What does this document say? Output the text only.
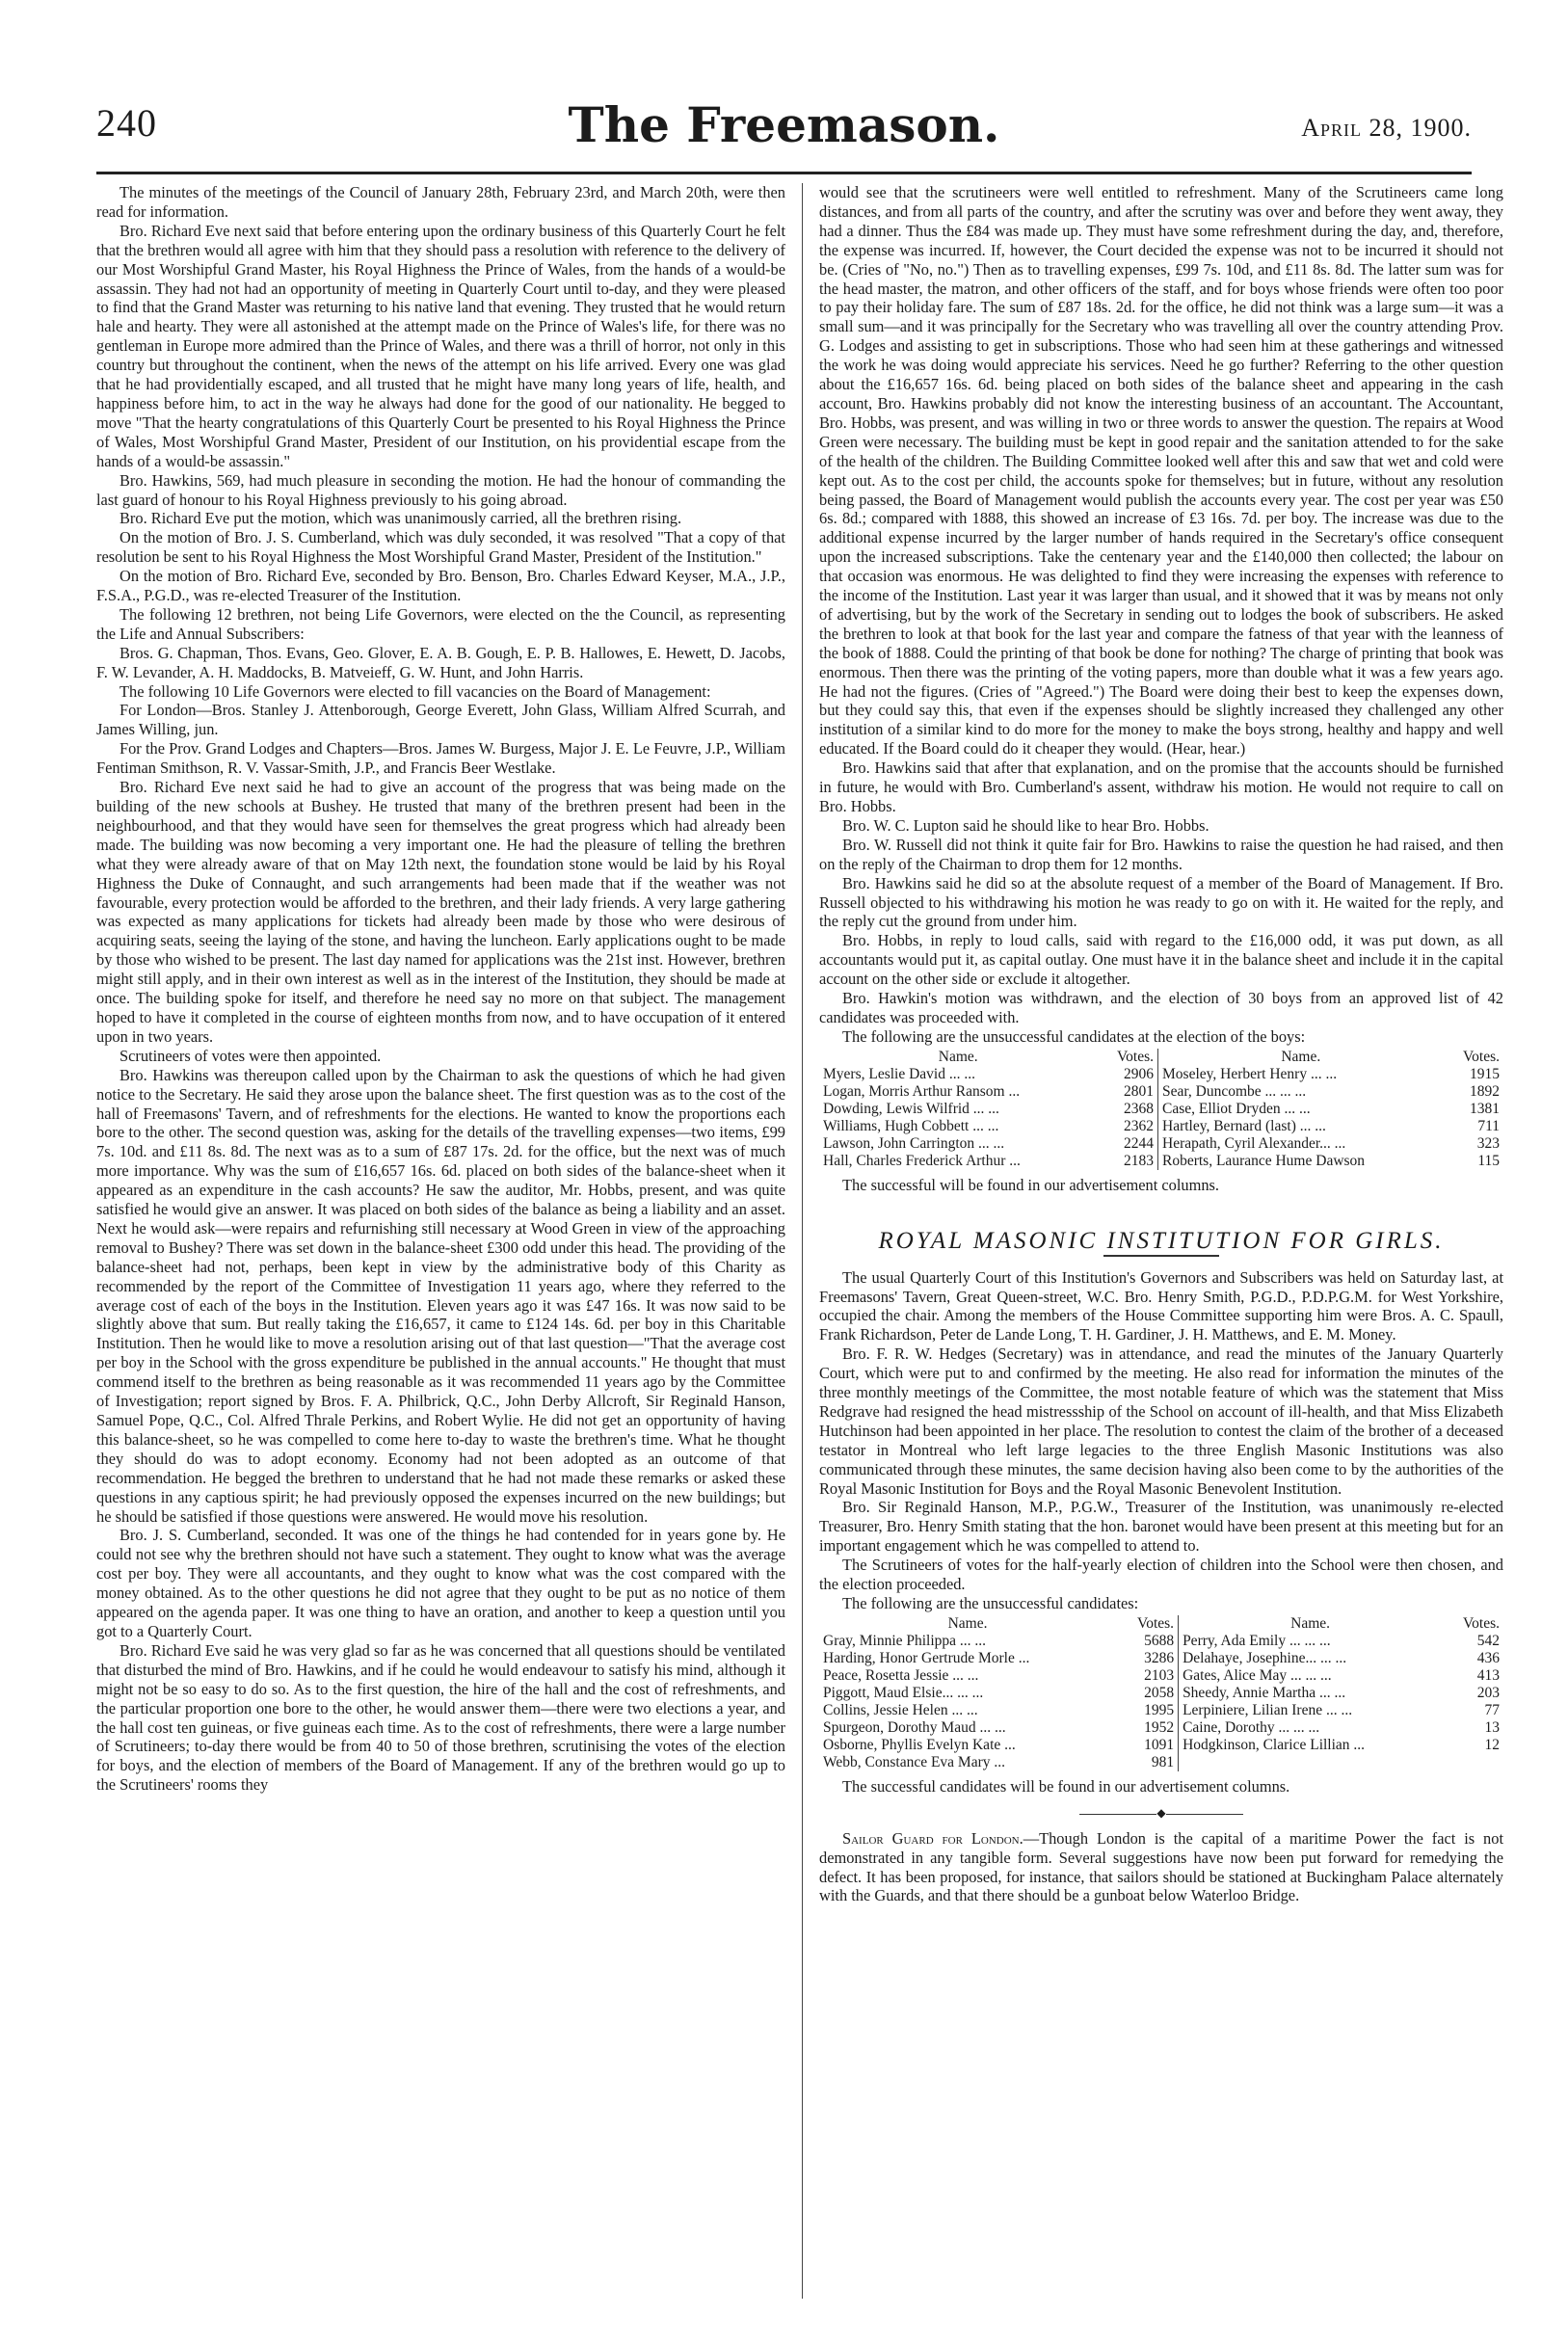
240	The Freemason.	April 28, 1900.

The minutes of the meetings of the Council of January 28th, February 23rd, and March 20th, were then read for information.

Bro. Richard Eve next said that before entering upon the ordinary business of this Quarterly Court he felt that the brethren would all agree with him that they should pass a resolution with reference to the delivery of our Most Worshipful Grand Master, his Royal Highness the Prince of Wales, from the hands of a would-be assassin. They had not had an opportunity of meeting in Quarterly Court until to-day, and they were pleased to find that the Grand Master was returning to his native land that evening. They trusted that he would return hale and hearty. They were all astonished at the attempt made on the Prince of Wales's life, for there was no gentleman in Europe more admired than the Prince of Wales, and there was a thrill of horror, not only in this country but throughout the continent, when the news of the attempt on his life arrived. Every one was glad that he had providentially escaped, and all trusted that he might have many long years of life, health, and happiness before him, to act in the way he always had done for the good of our nationality. He begged to move "That the hearty congratulations of this Quarterly Court be presented to his Royal Highness the Prince of Wales, Most Worshipful Grand Master, President of our Institution, on his providential escape from the hands of a would-be assassin."

Bro. Hawkins, 569, had much pleasure in seconding the motion. He had the honour of commanding the last guard of honour to his Royal Highness previously to his going abroad.

Bro. Richard Eve put the motion, which was unanimously carried, all the brethren rising.

On the motion of Bro. J. S. Cumberland, which was duly seconded, it was resolved "That a copy of that resolution be sent to his Royal Highness the Most Worshipful Grand Master, President of the Institution."

On the motion of Bro. Richard Eve, seconded by Bro. Benson, Bro. Charles Edward Keyser, M.A., J.P., F.S.A., P.G.D., was re-elected Treasurer of the Institution.

The following 12 brethren, not being Life Governors, were elected on the the Council, as representing the Life and Annual Subscribers:

Bros. G. Chapman, Thos. Evans, Geo. Glover, E. A. B. Gough, E. P. B. Hallowes, E. Hewett, D. Jacobs, F. W. Levander, A. H. Maddocks, B. Matveieff, G. W. Hunt, and John Harris.

The following 10 Life Governors were elected to fill vacancies on the Board of Management:

For London—Bros. Stanley J. Attenborough, George Everett, John Glass, William Alfred Scurrah, and James Willing, jun.

For the Prov. Grand Lodges and Chapters—Bros. James W. Burgess, Major J. E. Le Feuvre, J.P., William Fentiman Smithson, R. V. Vassar-Smith, J.P., and Francis Beer Westlake.

Bro. Richard Eve next said he had to give an account of the progress that was being made on the building of the new schools at Bushey. He trusted that many of the brethren present had been in the neighbourhood, and that they would have seen for themselves the great progress which had already been made. The building was now becoming a very important one. He had the pleasure of telling the brethren what they were already aware of that on May 12th next, the foundation stone would be laid by his Royal Highness the Duke of Connaught, and such arrangements had been made that if the weather was not favourable, every protection would be afforded to the brethren, and their lady friends. A very large gathering was expected as many applications for tickets had already been made by those who were desirous of acquiring seats, seeing the laying of the stone, and having the luncheon. Early applications ought to be made by those who wished to be present. The last day named for applications was the 21st inst. However, brethren might still apply, and in their own interest as well as in the interest of the Institution, they should be made at once. The building spoke for itself, and therefore he need say no more on that subject. The management hoped to have it completed in the course of eighteen months from now, and to have occupation of it entered upon in two years.

Scrutineers of votes were then appointed.

Bro. Hawkins was thereupon called upon by the Chairman to ask the questions of which he had given notice to the Secretary. He said they arose upon the balance sheet. The first question was as to the cost of the hall of Freemasons' Tavern, and of refreshments for the elections. He wanted to know the proportions each bore to the other. The second question was, asking for the details of the travelling expenses—two items, £99 7s. 10d. and £11 8s. 8d. The next was as to a sum of £87 17s. 2d. for the office, but the next was of much more importance. Why was the sum of £16,657 16s. 6d. placed on both sides of the balance-sheet when it appeared as an expenditure in the cash accounts? He saw the auditor, Mr. Hobbs, present, and was quite satisfied he would give an answer. It was placed on both sides of the balance as being a liability and an asset. Next he would ask—were repairs and refurnishing still necessary at Wood Green in view of the approaching removal to Bushey? There was set down in the balance-sheet £300 odd under this head. The providing of the balance-sheet had not, perhaps, been kept in view by the administrative body of this Charity as recommended by the report of the Committee of Investigation 11 years ago, where they referred to the average cost of each of the boys in the Institution. Eleven years ago it was £47 16s. It was now said to be slightly above that sum. But really taking the £16,657, it came to £124 14s. 6d. per boy in this Charitable Institution. Then he would like to move a resolution arising out of that last question—"That the average cost per boy in the School with the gross expenditure be published in the annual accounts." He thought that must commend itself to the brethren as being reasonable as it was recommended 11 years ago by the Committee of Investigation; report signed by Bros. F. A. Philbrick, Q.C., John Derby Allcroft, Sir Reginald Hanson, Samuel Pope, Q.C., Col. Alfred Thrale Perkins, and Robert Wylie. He did not get an opportunity of having this balance-sheet, so he was compelled to come here to-day to waste the brethren's time. What he thought they should do was to adopt economy. Economy had not been adopted as an outcome of that recommendation. He begged the brethren to understand that he had not made these remarks or asked these questions in any captious spirit; he had previously opposed the expenses incurred on the new buildings; but he should be satisfied if those questions were answered. He would move his resolution.

Bro. J. S. Cumberland, seconded. It was one of the things he had contended for in years gone by. He could not see why the brethren should not have such a statement. They ought to know what was the average cost per boy. They were all accountants, and they ought to know what was the cost compared with the money obtained. As to the other questions he did not agree that they ought to be put as no notice of them appeared on the agenda paper. It was one thing to have an oration, and another to keep a question until you got to a Quarterly Court.

Bro. Richard Eve said he was very glad so far as he was concerned that all questions should be ventilated that disturbed the mind of Bro. Hawkins, and if he could he would endeavour to satisfy his mind, although it might not be so easy to do so. As to the first question, the hire of the hall and the cost of refreshments, and the particular proportion one bore to the other, he would answer them—there were two elections a year, and the hall cost ten guineas, or five guineas each time. As to the cost of refreshments, there were a large number of Scrutineers; to-day there would be from 40 to 50 of those brethren, scrutinising the votes of the election for boys, and the election of members of the Board of Management. If any of the brethren would go up to the Scrutineers' rooms they

would see that the scrutineers were well entitled to refreshment. Many of the Scrutineers came long distances, and from all parts of the country, and after the scrutiny was over and before they went away, they had a dinner. Thus the £84 was made up. They must have some refreshment during the day, and, therefore, the expense was incurred. If, however, the Court decided the expense was not to be incurred it should not be. (Cries of "No, no.") Then as to travelling expenses, £99 7s. 10d, and £11 8s. 8d. The latter sum was for the head master, the matron, and other officers of the staff, and for boys whose friends were often too poor to pay their holiday fare. The sum of £87 18s. 2d. for the office, he did not think was a large sum—it was a small sum—and it was principally for the Secretary who was travelling all over the country attending Prov. G. Lodges and assisting to get in subscriptions. Those who had seen him at these gatherings and witnessed the work he was doing would appreciate his services. Need he go further? Referring to the other question about the £16,657 16s. 6d. being placed on both sides of the balance sheet and appearing in the cash account, Bro. Hawkins probably did not know the interesting business of an accountant. The Accountant, Bro. Hobbs, was present, and was willing in two or three words to answer the question. The repairs at Wood Green were necessary. The building must be kept in good repair and the sanitation attended to for the sake of the health of the children. The Building Committee looked well after this and saw that wet and cold were kept out. As to the cost per child, the accounts spoke for themselves; but in future, without any resolution being passed, the Board of Management would publish the accounts every year. The cost per year was £50 6s. 8d.; compared with 1888, this showed an increase of £3 16s. 7d. per boy. The increase was due to the additional expense incurred by the larger number of hands required in the Secretary's office consequent upon the increased subscriptions. Take the centenary year and the £140,000 then collected; the labour on that occasion was enormous. He was delighted to find they were increasing the expenses with reference to the income of the Institution. Last year it was larger than usual, and it showed that it was by means not only of advertising, but by the work of the Secretary in sending out to lodges the book of subscribers. He asked the brethren to look at that book for the last year and compare the fatness of that year with the leanness of the book of 1888. Could the printing of that book be done for nothing? The charge of printing that book was enormous. Then there was the printing of the voting papers, more than double what it was a few years ago. He had not the figures. (Cries of "Agreed.") The Board were doing their best to keep the expenses down, but they could say this, that even if the expenses should be slightly increased they challenged any other institution of a similar kind to do more for the money to make the boys strong, healthy and happy and well educated. If the Board could do it cheaper they would. (Hear, hear.)

Bro. Hawkins said that after that explanation, and on the promise that the accounts should be furnished in future, he would with Bro. Cumberland's assent, withdraw his motion. He would not require to call on Bro. Hobbs.

Bro. W. C. Lupton said he should like to hear Bro. Hobbs.

Bro. W. Russell did not think it quite fair for Bro. Hawkins to raise the question he had raised, and then on the reply of the Chairman to drop them for 12 months.

Bro. Hawkins said he did so at the absolute request of a member of the Board of Management. If Bro. Russell objected to his withdrawing his motion he was ready to go on with it. He waited for the reply, and the reply cut the ground from under him.

Bro. Hobbs, in reply to loud calls, said with regard to the £16,000 odd, it was put down, as all accountants would put it, as capital outlay. One must have it in the balance sheet and include it in the capital account on the other side or exclude it altogether.

Bro. Hawkin's motion was withdrawn, and the election of 30 boys from an approved list of 42 candidates was proceeded with.

The following are the unsuccessful candidates at the election of the boys:

Name.	Votes.	Name.	Votes.
Myers, Leslie David ... ...	2906	Moseley, Herbert Henry ... ...	1915
Logan, Morris Arthur Ransom ...	2801	Sear, Duncombe ... ... ...	1892
Dowding, Lewis Wilfrid ... ...	2368	Case, Elliot Dryden ... ...	1381
Williams, Hugh Cobbett ... ...	2362	Hartley, Bernard (last) ... ...	711
Lawson, John Carrington ... ...	2244	Herapath, Cyril Alexander... ...	323
Hall, Charles Frederick Arthur ...	2183	Roberts, Laurance Hume Dawson	115

The successful will be found in our advertisement columns.

ROYAL MASONIC INSTITUTION FOR GIRLS.

The usual Quarterly Court of this Institution's Governors and Subscribers was held on Saturday last, at Freemasons' Tavern, Great Queen-street, W.C. Bro. Henry Smith, P.G.D., P.D.P.G.M. for West Yorkshire, occupied the chair. Among the members of the House Committee supporting him were Bros. A. C. Spaull, Frank Richardson, Peter de Lande Long, T. H. Gardiner, J. H. Matthews, and E. M. Money.

Bro. F. R. W. Hedges (Secretary) was in attendance, and read the minutes of the January Quarterly Court, which were put to and confirmed by the meeting. He also read for information the minutes of the three monthly meetings of the Committee, the most notable feature of which was the statement that Miss Redgrave had resigned the head mistressship of the School on account of ill-health, and that Miss Elizabeth Hutchinson had been appointed in her place. The resolution to contest the claim of the brother of a deceased testator in Montreal who left large legacies to the three English Masonic Institutions was also communicated through these minutes, the same decision having also been come to by the authorities of the Royal Masonic Institution for Boys and the Royal Masonic Benevolent Institution.

Bro. Sir Reginald Hanson, M.P., P.G.W., Treasurer of the Institution, was unanimously re-elected Treasurer, Bro. Henry Smith stating that the hon. baronet would have been present at this meeting but for an important engagement which he was compelled to attend to.

The Scrutineers of votes for the half-yearly election of children into the School were then chosen, and the election proceeded.

The following are the unsuccessful candidates:

Name.	Votes.	Name.	Votes.
Gray, Minnie Philippa ... ...	5688	Perry, Ada Emily ... ... ...	542
Harding, Honor Gertrude Morle ...	3286	Delahaye, Josephine... ... ...	436
Peace, Rosetta Jessie ... ...	2103	Gates, Alice May ... ... ...	413
Piggott, Maud Elsie... ... ...	2058	Sheedy, Annie Martha ... ...	203
Collins, Jessie Helen ... ...	1995	Lerpiniere, Lilian Irene ... ...	77
Spurgeon, Dorothy Maud ... ...	1952	Caine, Dorothy ... ... ...	13
Osborne, Phyllis Evelyn Kate ...	1091	Hodgkinson, Clarice Lillian ...	12
Webb, Constance Eva Mary ...	981		

The successful candidates will be found in our advertisement columns.

◆

Sailor Guard for London.—Though London is the capital of a maritime Power the fact is not demonstrated in any tangible form. Several suggestions have now been put forward for remedying the defect. It has been proposed, for instance, that sailors should be stationed at Buckingham Palace alternately with the Guards, and that there should be a gunboat below Waterloo Bridge.
